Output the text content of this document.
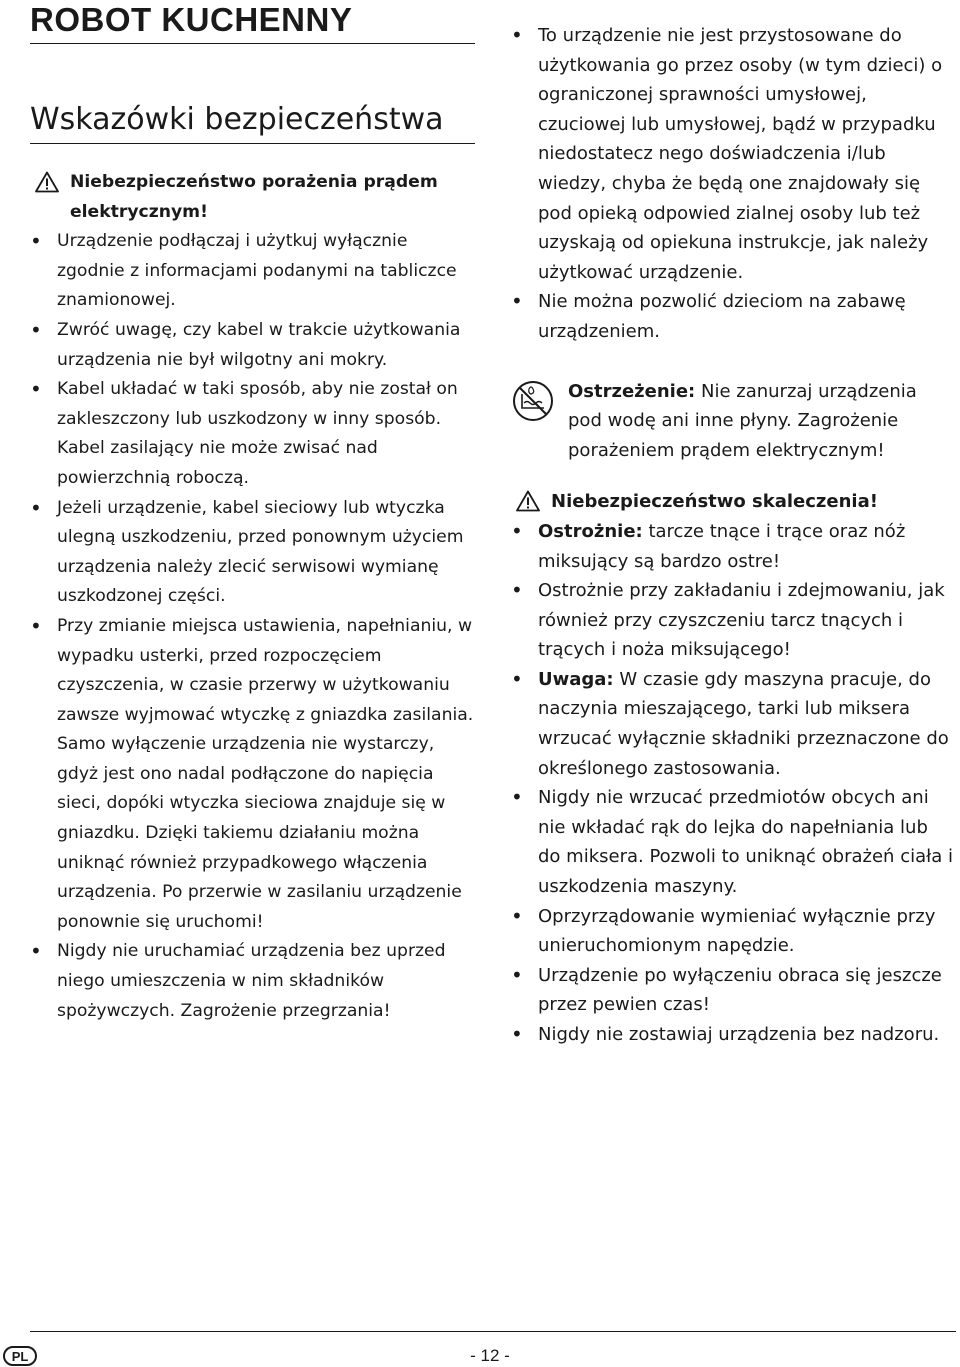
ROBOT KUCHENNY
Wskazówki bezpieczeństwa
Niebezpieczeństwo porażenia prądem elektrycznym!
• Urządzenie podłączaj i użytkuj wyłącznie zgodnie z informacjami podanymi na tabliczce znamionowej.
• Zwróć uwagę, czy kabel w trakcie użytkowania urządzenia nie był wilgotny ani mokry.
• Kabel układać w taki sposób, aby nie został on zakleszczony lub uszkodzony w inny sposób. Kabel zasilający nie może zwisać nad powierzchnią roboczą.
• Jeżeli urządzenie, kabel sieciowy lub wtyczka ulegną uszkodzeniu, przed ponownym użyciem urządzenia należy zlecić serwisowi wymianę uszkodzonej części.
• Przy zmianie miejsca ustawienia, napełnianiu, w wypadku usterki, przed rozpoczęciem czyszczenia, w czasie przerwy w użytkowaniu zawsze wyjmować wtyczkę z gniazdka zasilania. Samo wyłączenie urządzenia nie wystarczy, gdyż jest ono nadal podłączone do napięcia sieci, dopóki wtyczka sieciowa znajduje się w gniazdku. Dzięki takiemu działaniu można uniknąć również przypadkowego włączenia urządzenia. Po przerwie w zasilaniu urządzenie ponownie się uruchomi!
• Nigdy nie uruchamiać urządzenia bez uprzed niego umieszczenia w nim składników spożywczych. Zagrożenie przegrzania!
• To urządzenie nie jest przystosowane do użytkowania go przez osoby (w tym dzieci) o ograniczonej sprawności umysłowej, czuciowej lub umysłowej, bądź w przypadku niedostatecz nego doświadczenia i/lub wiedzy, chyba że będą one znajdowały się pod opieką odpowied zialnej osoby lub też uzyskają od opiekuna instrukcje, jak należy użytkować urządzenie.
• Nie można pozwolić dzieciom na zabawę urządzeniem.
Ostrzeżenie: Nie zanurzaj urządzenia pod wodę ani inne płyny. Zagrożenie porażeniem prądem elektrycznym!
Niebezpieczeństwo skaleczenia!
• Ostrożnie: tarcze tnące i trące oraz nóż miksujący są bardzo ostre!
• Ostrożnie przy zakładaniu i zdejmowaniu, jak również przy czyszczeniu tarcz tnących i trących i noża miksującego!
• Uwaga: W czasie gdy maszyna pracuje, do naczynia mieszającego, tarki lub miksera wrzucać wyłącznie składniki przeznaczone do określonego zastosowania.
• Nigdy nie wrzucać przedmiotów obcych ani nie wkładać rąk do lejka do napełniania lub do miksera. Pozwoli to uniknąć obrażeń ciała i uszkodzenia maszyny.
• Oprzyrządowanie wymieniać wyłącznie przy unieruchomionym napędzie.
• Urządzenie po wyłączeniu obraca się jeszcze przez pewien czas!
• Nigdy nie zostawiaj urządzenia bez nadzoru.
PL	- 12 -
